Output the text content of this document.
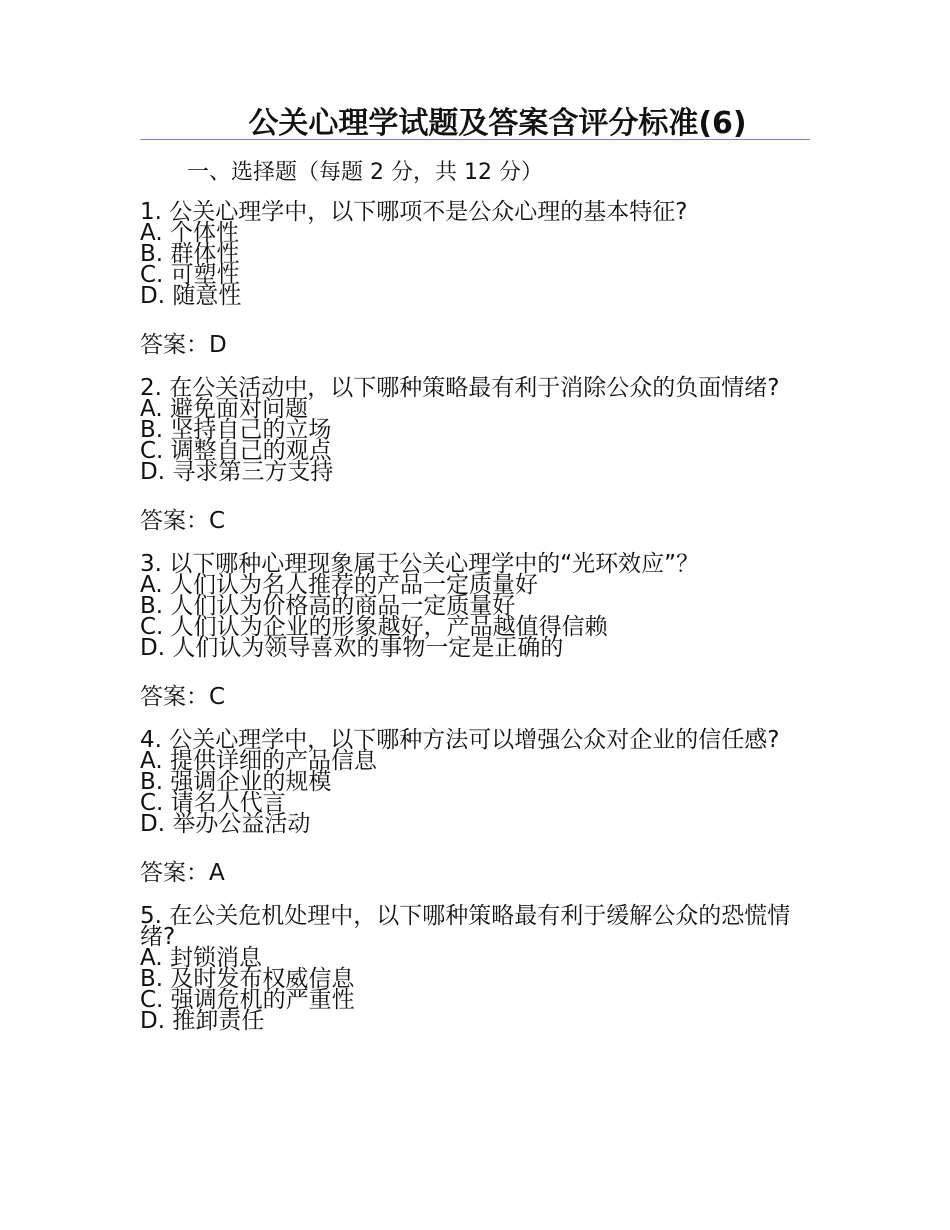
公关心理学试题及答案含评分标准(6)
一、选择题（每题 2 分，共 12 分）

1. 公关心理学中，以下哪项不是公众心理的基本特征?

A. 个体性

B. 群体性

C. 可塑性

D. 随意性

答案：D

2. 在公关活动中，以下哪种策略最有利于消除公众的负面情绪?

A. 避免面对问题

B. 坚持自己的立场

C. 调整自己的观点

D. 寻求第三方支持

答案：C

3. 以下哪种心理现象属于公关心理学中的“光环效应”？

A. 人们认为名人推荐的产品一定质量好

B. 人们认为价格高的商品一定质量好

C. 人们认为企业的形象越好，产品越值得信赖

D. 人们认为领导喜欢的事物一定是正确的

答案：C

4. 公关心理学中，以下哪种方法可以增强公众对企业的信任感?

A. 提供详细的产品信息

B. 强调企业的规模

C. 请名人代言

D. 举办公益活动

答案：A

5. 在公关危机处理中，以下哪种策略最有利于缓解公众的恐慌情绪?

A. 封锁消息

B. 及时发布权威信息

C. 强调危机的严重性

D. 推卸责任
